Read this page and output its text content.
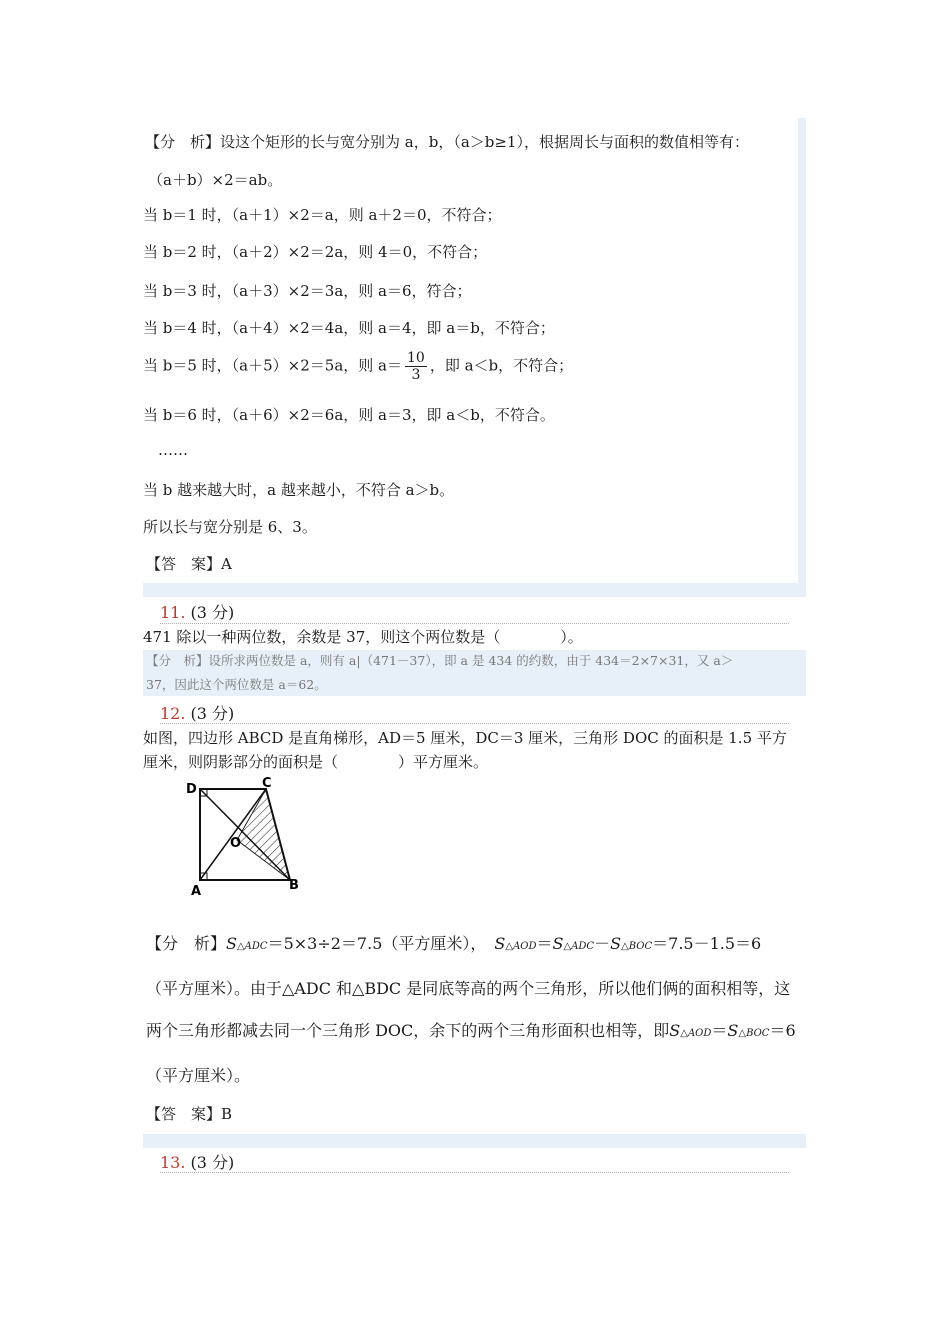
【分　析】设这个矩形的长与宽分别为 a，b，（a＞b≥1），根据周长与面积的数值相等有：
（a＋b）×2＝ab。
当 b＝1 时，（a＋1）×2＝a，则 a＋2＝0，不符合；
当 b＝2 时，（a＋2）×2＝2a，则 4＝0，不符合；
当 b＝3 时，（a＋3）×2＝3a，则 a＝6，符合；
当 b＝4 时，（a＋4）×2＝4a，则 a＝4，即 a＝b，不符合；
当 b＝5 时，（a＋5）×2＝5a，则 $a= \frac{10}{3}$ ，即 a＜b，不符合；
当 b＝6 时，（a＋6）×2＝6a，则 a＝3，即 a＜b，不符合。
……
当 b 越来越大时，a 越来越小，不符合 a＞b。
所以长与宽分别是 6、3。
【答　案】A
11. (3 分)
471 除以一种两位数，余数是 37，则这个两位数是（　　　　）。
【分　析】设所求两位数是 a，则有 a|（471－37），即 a 是 434 的约数，由于 434＝2×7×31，又 a＞
37，因此这个两位数是 a＝62。
12. (3 分)
如图，四边形 ABCD 是直角梯形，AD＝5 厘米，DC＝3 厘米，三角形 DOC 的面积是 1.5 平方
厘米，则阴影部分的面积是（　　　　）平方厘米。
D	C
O
A	B
【分　析】S△ADC＝5×3÷2＝7.5（平方厘米），　 S△AOD＝S△ADC－S△BOC＝7.5－1.5＝6
（平方厘米）。由于△ADC 和△BDC 是同底等高的两个三角形，所以他们俩的面积相等，这
两个三角形都减去同一个三角形 DOC，余下的两个三角形面积也相等，即S△AOD＝S△BOC＝6
（平方厘米）。
【答　案】B
13. (3 分)
